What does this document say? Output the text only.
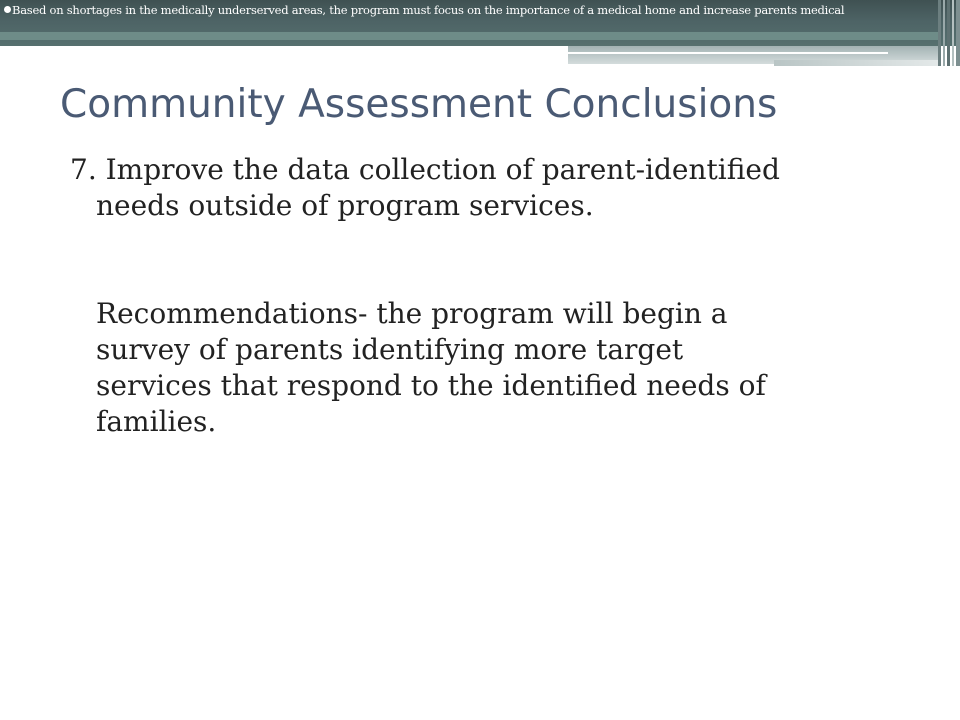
Based on shortages in the medically underserved areas, the program must focus on the importance of a medical home and increase parents medical
Community Assessment Conclusions
7. Improve the data collection of parent-identified
needs outside of program services.
Recommendations- the program will begin a
survey of parents identifying more target
services that respond to the identified needs of
families.
